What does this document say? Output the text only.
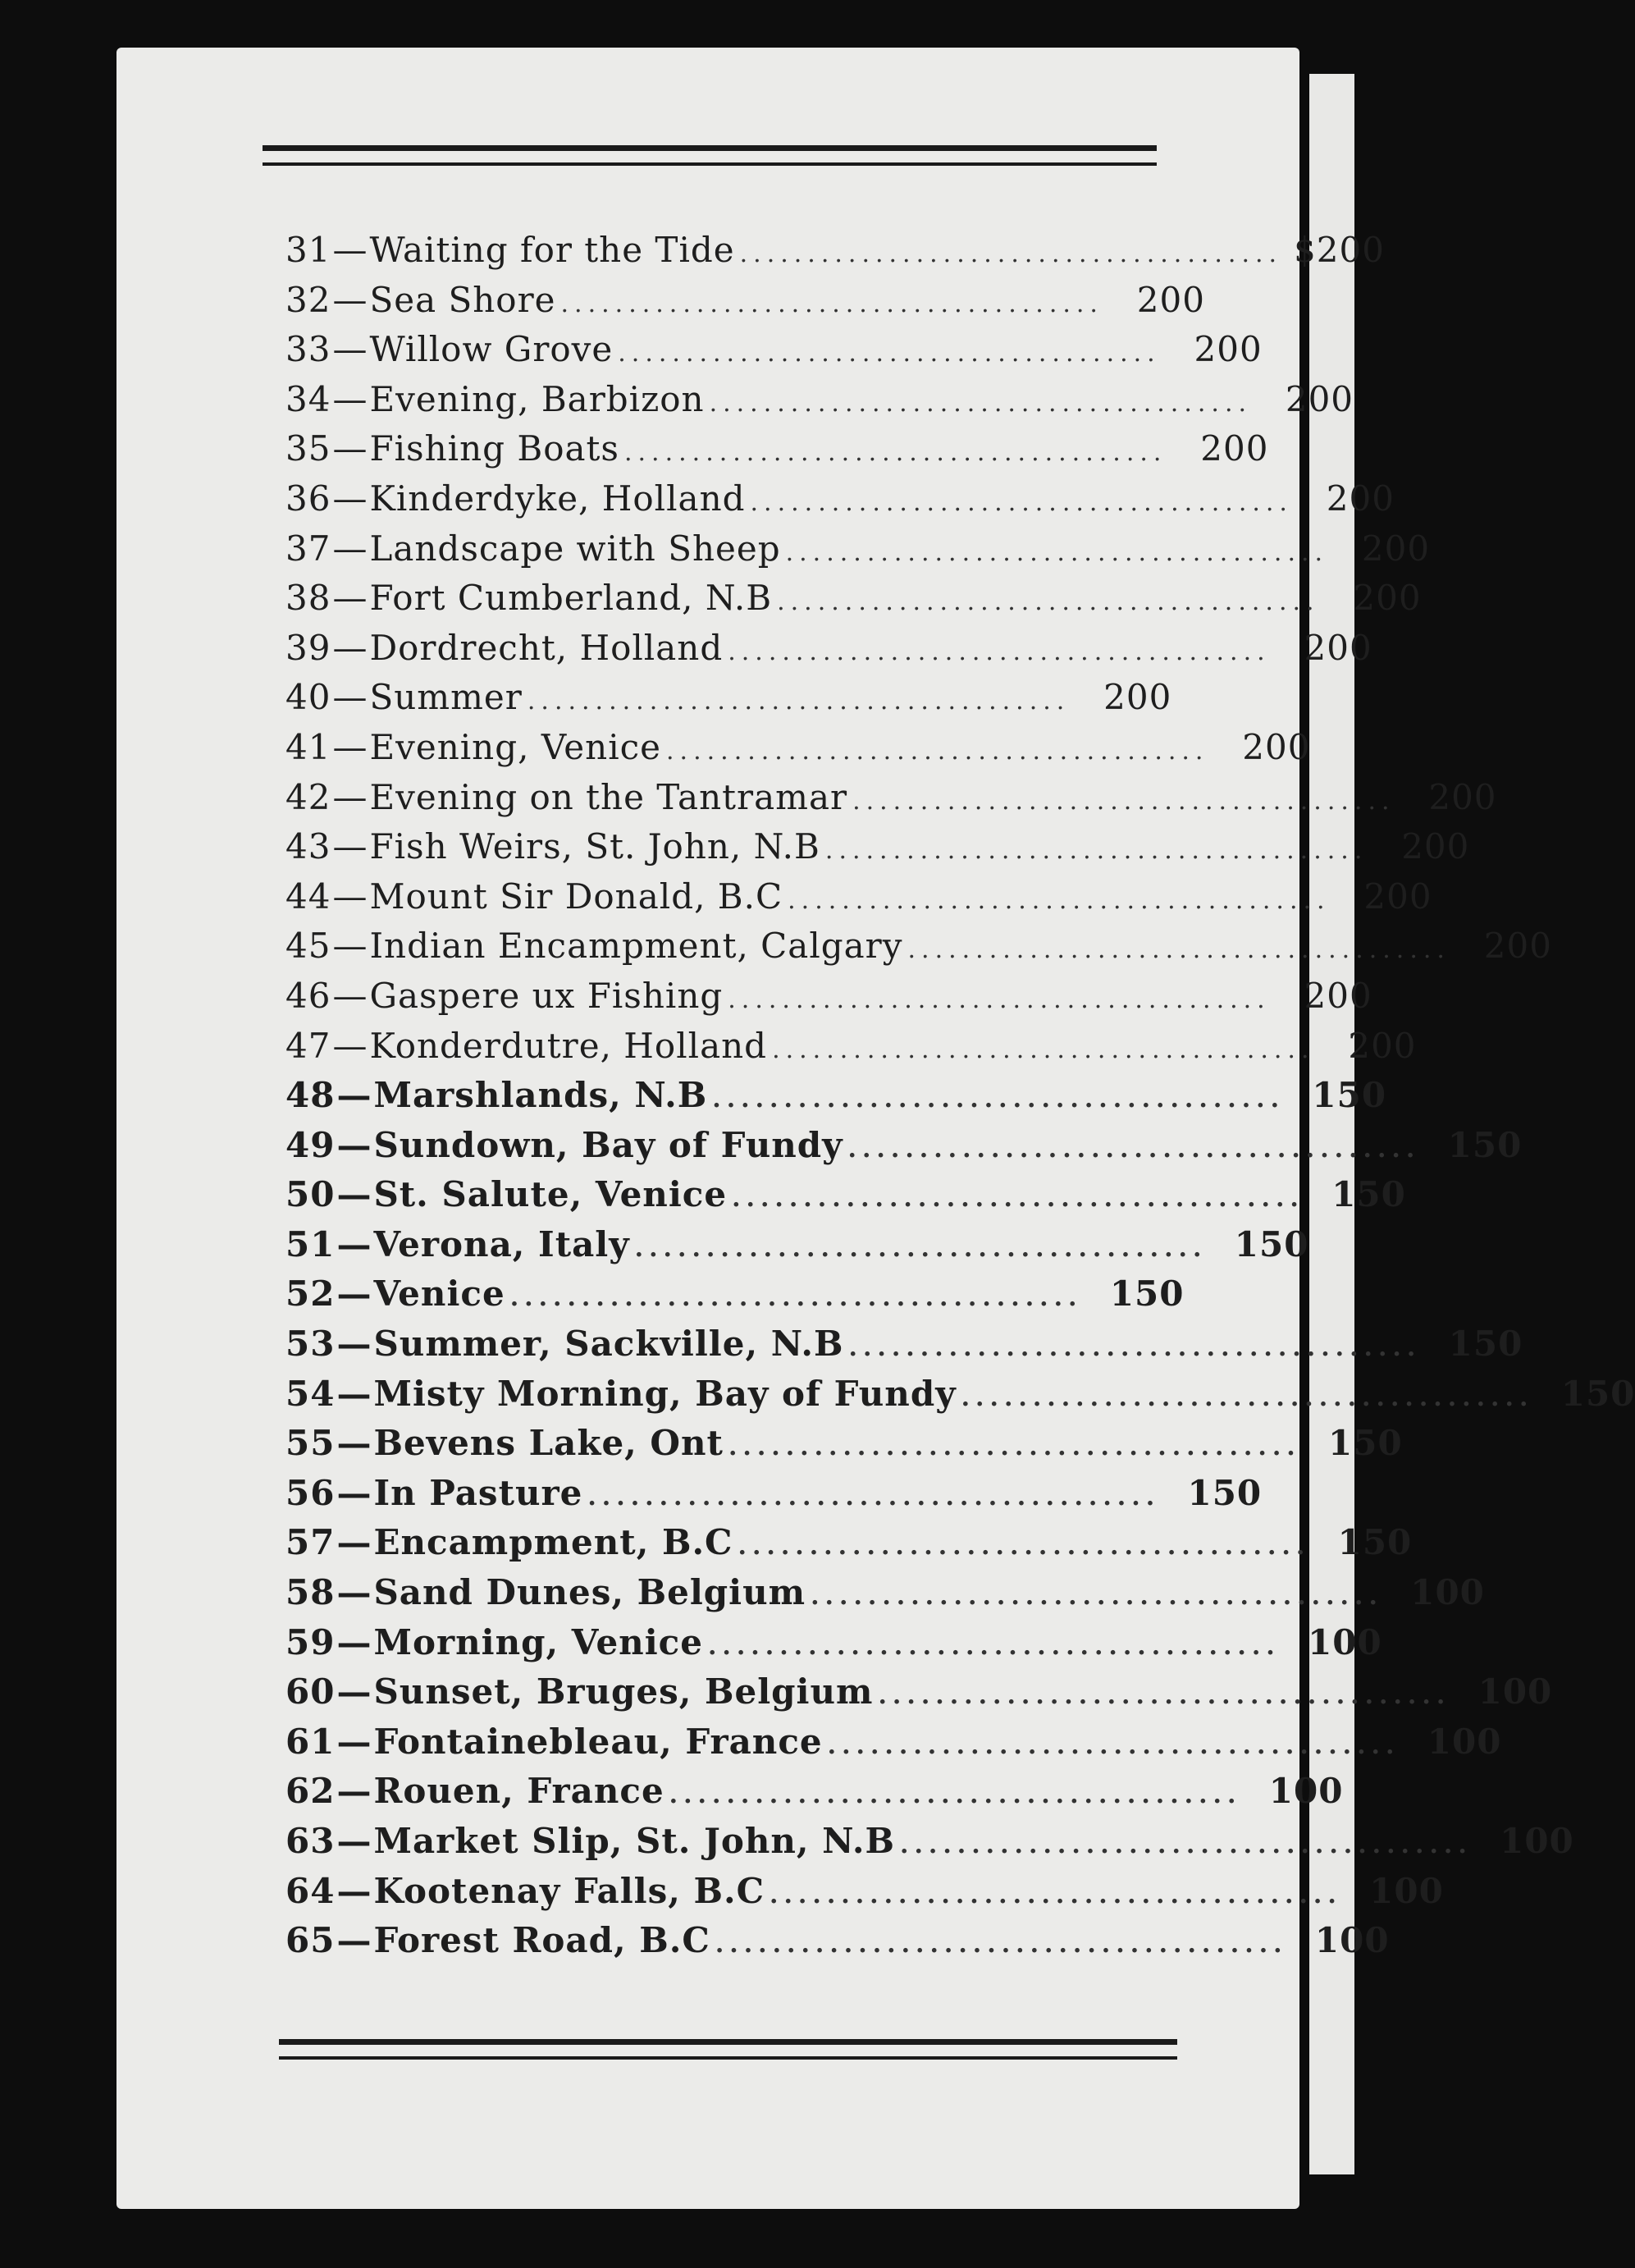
31 — Waiting for the Tide ........................................ $200
32 — Sea Shore ........................................ 200
33 — Willow Grove ........................................ 200
34 — Evening, Barbizon ........................................ 200
35 — Fishing Boats ........................................ 200
36 — Kinderdyke, Holland ........................................ 200
37 — Landscape with Sheep ........................................ 200
38 — Fort Cumberland, N.B ........................................ 200
39 — Dordrecht, Holland ........................................ 200
40 — Summer ........................................ 200
41 — Evening, Venice ........................................ 200
42 — Evening on the Tantramar ........................................ 200
43 — Fish Weirs, St. John, N.B ........................................ 200
44 — Mount Sir Donald, B.C ........................................ 200
45 — Indian Encampment, Calgary ........................................ 200
46 — Gaspere ux Fishing ........................................ 200
47 — Konderdutre, Holland ........................................ 200
48 — Marshlands, N.B ........................................ 150
49 — Sundown, Bay of Fundy ........................................ 150
50 — St. Salute, Venice ........................................ 150
51 — Verona, Italy ........................................ 150
52 — Venice ........................................ 150
53 — Summer, Sackville, N.B ........................................ 150
54 — Misty Morning, Bay of Fundy ........................................ 150
55 — Bevens Lake, Ont ........................................ 150
56 — In Pasture ........................................ 150
57 — Encampment, B.C ........................................ 150
58 — Sand Dunes, Belgium ........................................ 100
59 — Morning, Venice ........................................ 100
60 — Sunset, Bruges, Belgium ........................................ 100
61 — Fontainebleau, France ........................................ 100
62 — Rouen, France ........................................ 100
63 — Market Slip, St. John, N.B ........................................ 100
64 — Kootenay Falls, B.C ........................................ 100
65 — Forest Road, B.C ........................................ 100
